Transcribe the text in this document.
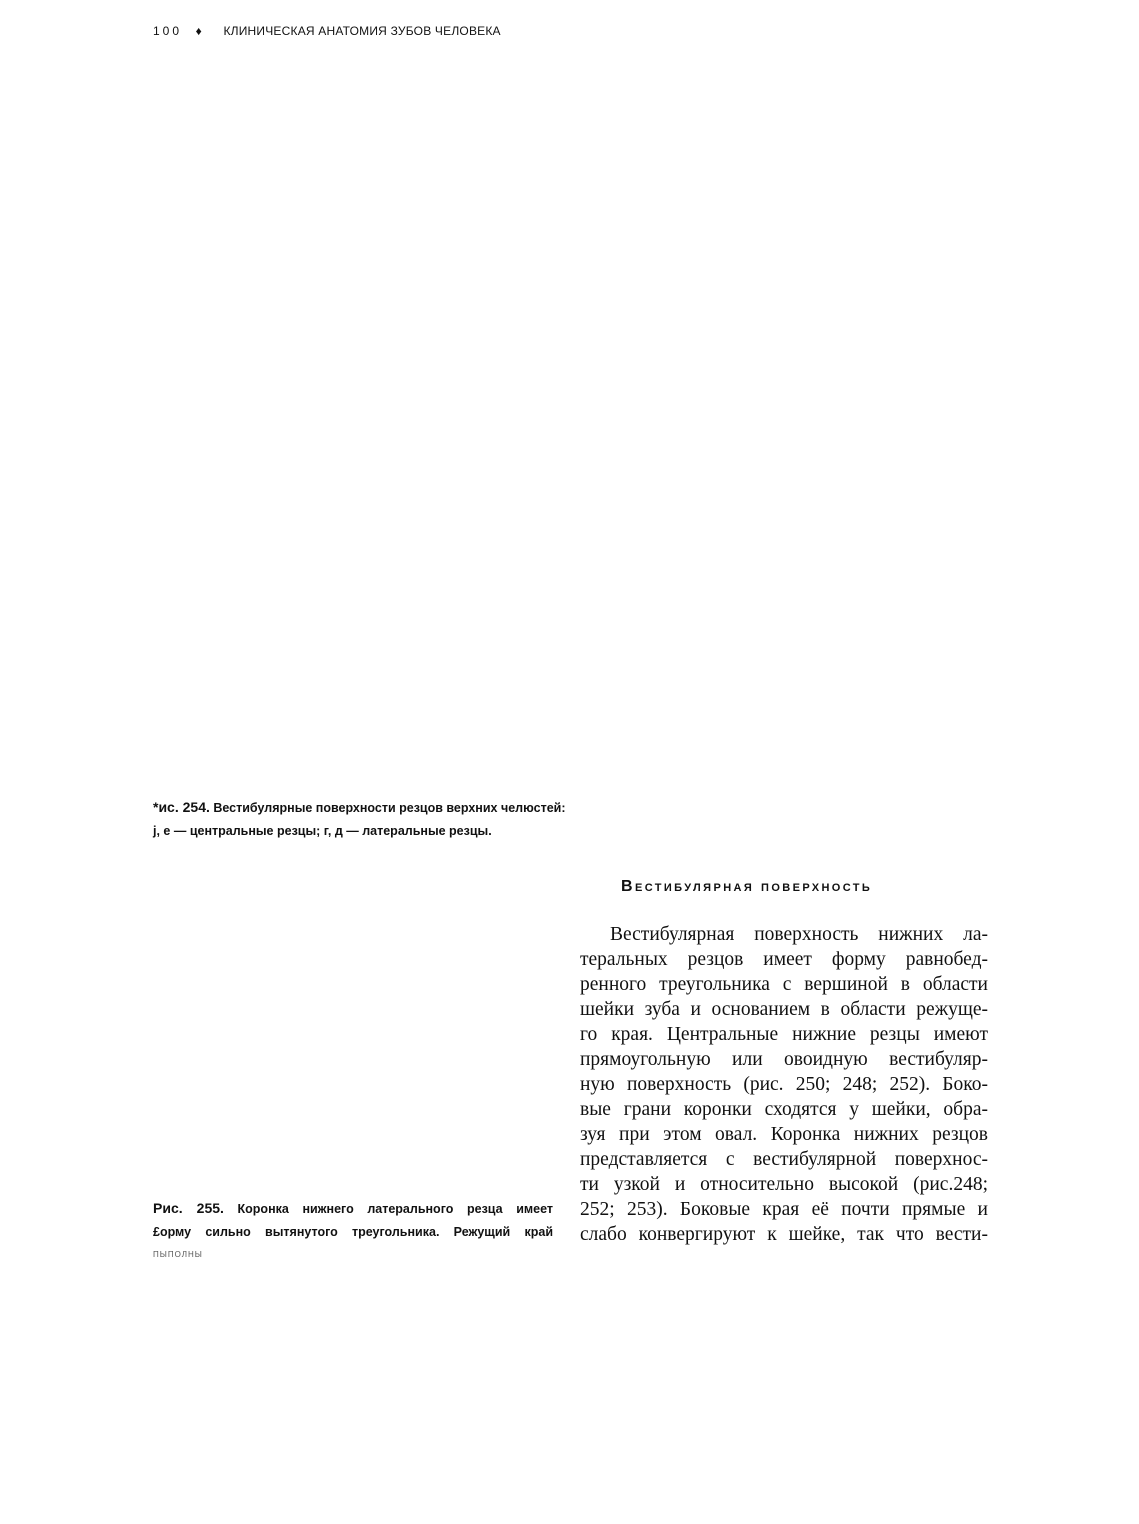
100 ♦ КЛИНИЧЕСКАЯ АНАТОМИЯ ЗУБОВ ЧЕЛОВЕКА
*ис. 254. Вестибулярные поверхности резцов верхних челюстей:
j, е — центральные резцы; г, д — латеральные резцы.
Рис. 255. Коронка нижнего латерального резца имеет
£орму сильно вытянутого треугольника. Режущий край
ПЫПОЛНЫ
Вестибулярная поверхность
Вестибулярная поверхность нижних ла-
теральных резцов имеет форму равнобед-
ренного треугольника с вершиной в области
шейки зуба и основанием в области режуще-
го края. Центральные нижние резцы имеют
прямоугольную или овоидную вестибуляр-
ную поверхность (рис. 250; 248; 252). Боко-
вые грани коронки сходятся у шейки, обра-
зуя при этом овал. Коронка нижних резцов
представляется с вестибулярной поверхнос-
ти узкой и относительно высокой (рис.248;
252; 253). Боковые края её почти прямые и
слабо конвергируют к шейке, так что вести-
